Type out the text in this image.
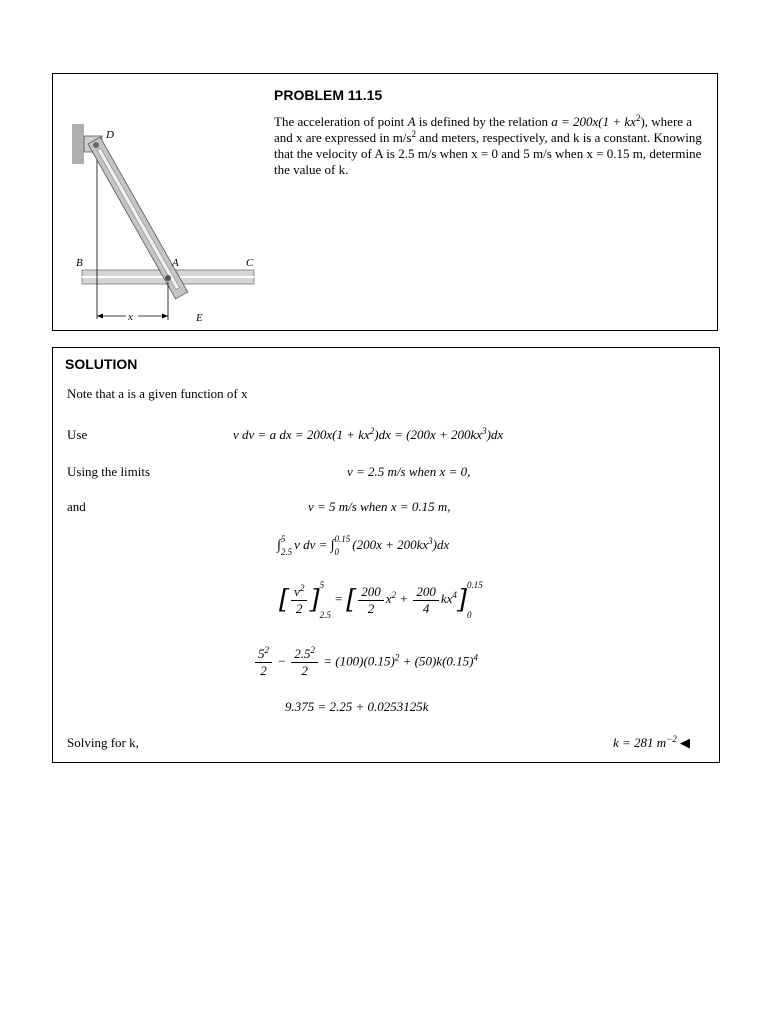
D
B	A	C
E
x
PROBLEM 11.15
The acceleration of point A is defined by the relation $a = 200x(1 + kx^2)$, where a and x are expressed in $m/s^2$ and meters, respectively, and k is a constant. Knowing that the velocity of A is 2.5 m/s when x = 0 and 5 m/s when x = 0.15 m, determine the value of k.
SOLUTION
Note that a is a given function of x
Use	v dv = a dx = $200x(1 + kx^2)dx = (200x + 200kx^3)dx$
Using the limits	v = 2.5 m/s when x = 0,
and	v = 5 m/s when x = 0.15 m,
∫ 5
2.5
v dv = ∫ 0.15
0
$(200x + 200kx^3)dx$
[ $\frac{v^2}{2}$ ] 5
2.5
= [ $\frac{200}{2} x^2 + \frac{200}{4} kx^4$] 0.15
0
$\frac{5^2}{2} - \frac{2.5^2}{2} = (100)(0.15)^2 + (50)k(0.15)^4$
9.375 = 2.25 + 0.0253125k
Solving for k,	k = 281 $m^{-2}$ ◀
